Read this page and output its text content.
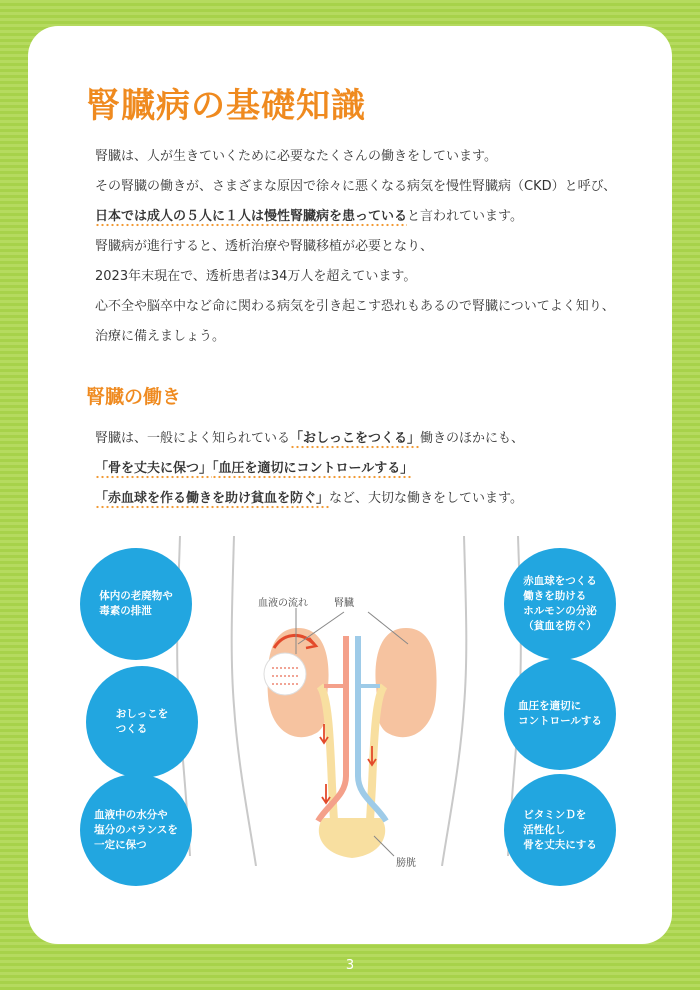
腎臓病の基礎知識

腎臓は、人が生きていくために必要なたくさんの働きをしています。

その腎臓の働きが、さまざまな原因で徐々に悪くなる病気を慢性腎臓病（CKD）と呼び、

日本では成人の５人に１人は慢性腎臓病を患っていると言われています。

腎臓病が進行すると、透析治療や腎臓移植が必要となり、

2023年末現在で、透析患者は34万人を超えています。

心不全や脳卒中など命に関わる病気を引き起こす恐れもあるので腎臓についてよく知り、

治療に備えましょう。

腎臓の働き

腎臓は、一般によく知られている「おしっこをつくる」働きのほかにも、

「骨を丈夫に保つ」「血圧を適切にコントロールする」

「赤血球を作る働きを助け貧血を防ぐ」など、大切な働きをしています。

血液の流れ	腎臓
膀胱
体内の老廃物や
毒素の排泄
おしっこを
つくる
血液中の水分や
塩分のバランスを
一定に保つ
赤血球をつくる
働きを助ける
ホルモンの分泌
（貧血を防ぐ）
血圧を適切に
コントロールする
ビタミンＤを
活性化し
骨を丈夫にする
3
